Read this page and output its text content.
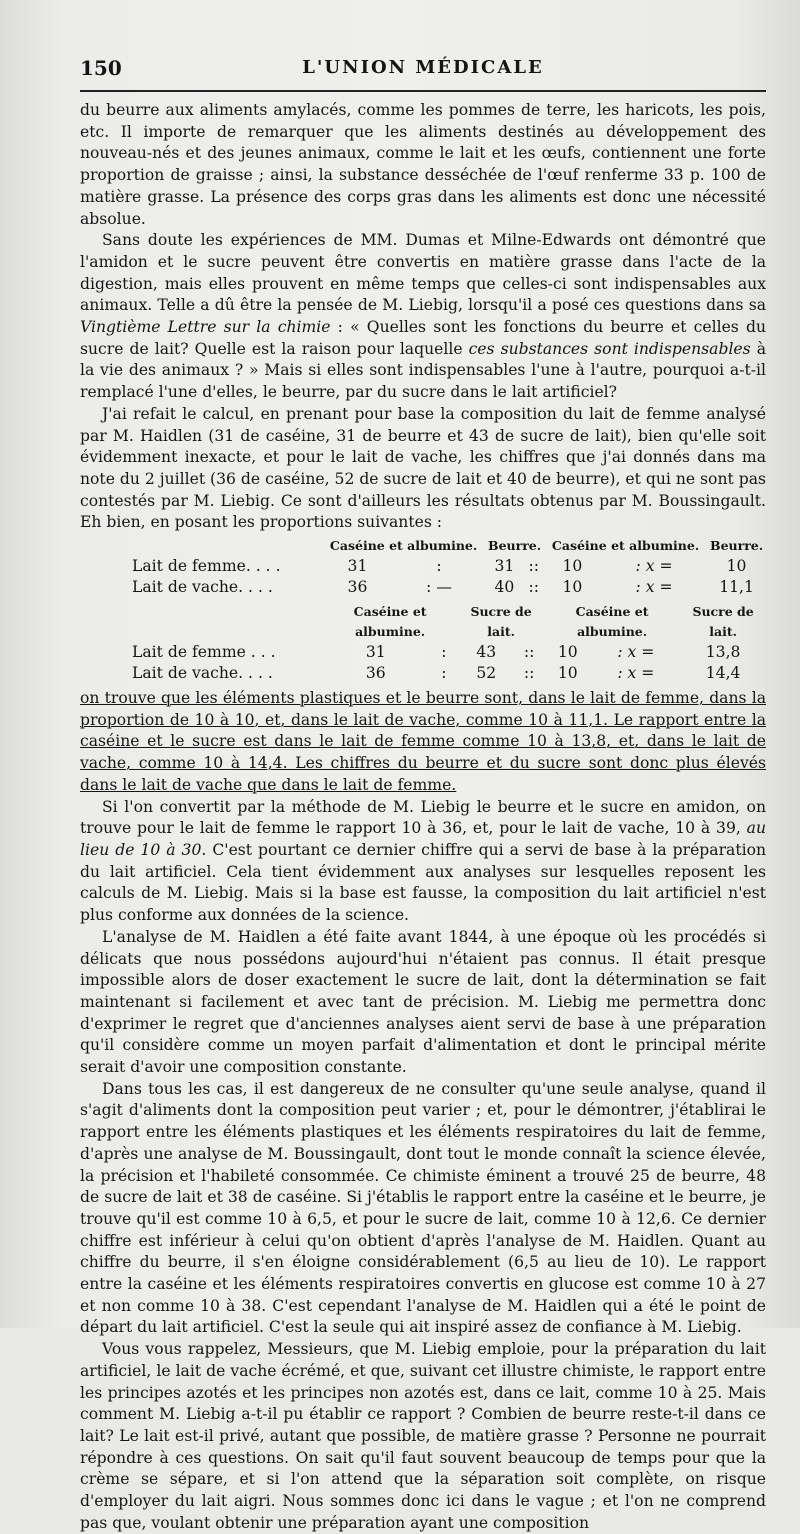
150	L'UNION MÉDICALE

du beurre aux aliments amylacés, comme les pommes de terre, les haricots, les pois, etc. Il importe de remarquer que les aliments destinés au développement des nouveau-nés et des jeunes animaux, comme le lait et les œufs, contiennent une forte proportion de graisse ; ainsi, la substance desséchée de l'œuf renferme 33 p. 100 de matière grasse. La présence des corps gras dans les aliments est donc une nécessité absolue.

Sans doute les expériences de MM. Dumas et Milne-Edwards ont démontré que l'amidon et le sucre peuvent être convertis en matière grasse dans l'acte de la digestion, mais elles prouvent en même temps que celles-ci sont indispensables aux animaux. Telle a dû être la pensée de M. Liebig, lorsqu'il a posé ces questions dans sa Vingtième Lettre sur la chimie : « Quelles sont les fonctions du beurre et celles du sucre de lait? Quelle est la raison pour laquelle ces substances sont indispensables à la vie des animaux ? » Mais si elles sont indispensables l'une à l'autre, pourquoi a-t-il remplacé l'une d'elles, le beurre, par du sucre dans le lait artificiel?

J'ai refait le calcul, en prenant pour base la composition du lait de femme analysé par M. Haidlen (31 de caséine, 31 de beurre et 43 de sucre de lait), bien qu'elle soit évidemment inexacte, et pour le lait de vache, les chiffres que j'ai donnés dans ma note du 2 juillet (36 de caséine, 52 de sucre de lait et 40 de beurre), et qui ne sont pas contestés par M. Liebig. Ce sont d'ailleurs les résultats obtenus par M. Boussingault. Eh bien, en posant les proportions suivantes :

	Caséine et albumine.		Beurre.		Caséine et albumine.		Beurre.
Lait de femme. . . .	31	:		31	::		10	: x =	10
Lait de vache. . . .	36	: —		40	::		10	: x =	11,1
	Caséine et albumine.		Sucre de lait.		Caséine et albumine.		Sucre de lait.
Lait de femme . . .	31	:		43	::		10	: x =	13,8
Lait de vache. . . .	36	:		52	::		10	: x =	14,4

on trouve que les éléments plastiques et le beurre sont, dans le lait de femme, dans la proportion de 10 à 10, et, dans le lait de vache, comme 10 à 11,1. Le rapport entre la caséine et le sucre est dans le lait de femme comme 10 à 13,8, et, dans le lait de vache, comme 10 à 14,4. Les chiffres du beurre et du sucre sont donc plus élevés dans le lait de vache que dans le lait de femme.

Si l'on convertit par la méthode de M. Liebig le beurre et le sucre en amidon, on trouve pour le lait de femme le rapport 10 à 36, et, pour le lait de vache, 10 à 39, au lieu de 10 à 30. C'est pourtant ce dernier chiffre qui a servi de base à la préparation du lait artificiel. Cela tient évidemment aux analyses sur lesquelles reposent les calculs de M. Liebig. Mais si la base est fausse, la composition du lait artificiel n'est plus conforme aux données de la science.

L'analyse de M. Haidlen a été faite avant 1844, à une époque où les procédés si délicats que nous possédons aujourd'hui n'étaient pas connus. Il était presque impossible alors de doser exactement le sucre de lait, dont la détermination se fait maintenant si facilement et avec tant de précision. M. Liebig me permettra donc d'exprimer le regret que d'anciennes analyses aient servi de base à une préparation qu'il considère comme un moyen parfait d'alimentation et dont le principal mérite serait d'avoir une composition constante.

Dans tous les cas, il est dangereux de ne consulter qu'une seule analyse, quand il s'agit d'aliments dont la composition peut varier ; et, pour le démontrer, j'établirai le rapport entre les éléments plastiques et les éléments respiratoires du lait de femme, d'après une analyse de M. Boussingault, dont tout le monde connaît la science élevée, la précision et l'habileté consommée. Ce chimiste éminent a trouvé 25 de beurre, 48 de sucre de lait et 38 de caséine. Si j'établis le rapport entre la caséine et le beurre, je trouve qu'il est comme 10 à 6,5, et pour le sucre de lait, comme 10 à 12,6. Ce dernier chiffre est inférieur à celui qu'on obtient d'après l'analyse de M. Haidlen. Quant au chiffre du beurre, il s'en éloigne considérablement (6,5 au lieu de 10). Le rapport entre la caséine et les éléments respiratoires convertis en glucose est comme 10 à 27 et non comme 10 à 38. C'est cependant l'analyse de M. Haidlen qui a été le point de départ du lait artificiel. C'est la seule qui ait inspiré assez de confiance à M. Liebig.

Vous vous rappelez, Messieurs, que M. Liebig emploie, pour la préparation du lait artificiel, le lait de vache écrémé, et que, suivant cet illustre chimiste, le rapport entre les principes azotés et les principes non azotés est, dans ce lait, comme 10 à 25. Mais comment M. Liebig a-t-il pu établir ce rapport ? Combien de beurre reste-t-il dans ce lait? Le lait est-il privé, autant que possible, de matière grasse ? Personne ne pourrait répondre à ces questions. On sait qu'il faut souvent beaucoup de temps pour que la crème se sépare, et si l'on attend que la séparation soit complète, on risque d'employer du lait aigri. Nous sommes donc ici dans le vague ; et l'on ne comprend pas que, voulant obtenir une préparation ayant une composition
